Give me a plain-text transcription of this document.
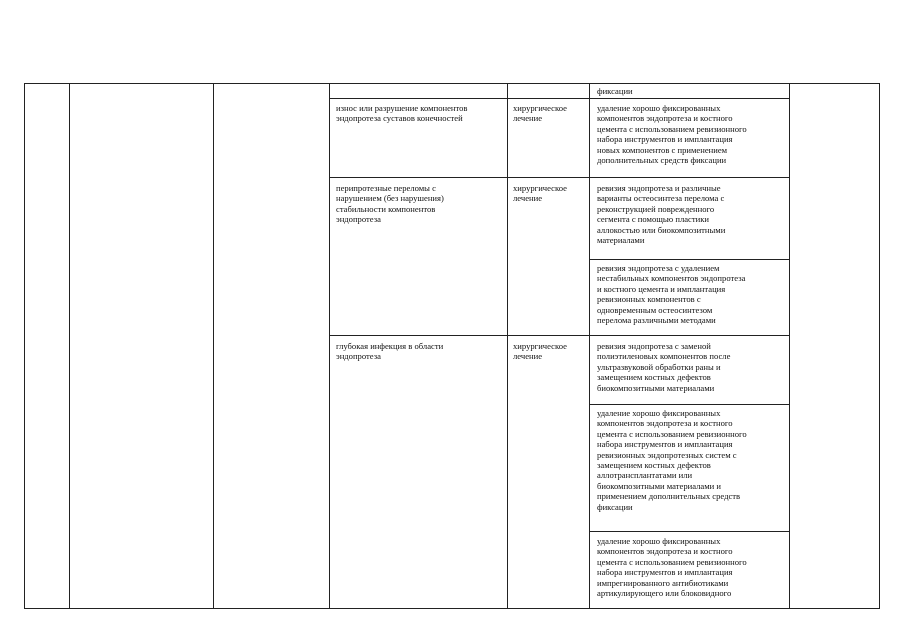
фиксации
износ или разрушение компонентов
эндопротеза суставов конечностей
хирургическое
лечение
удаление хорошо фиксированных
компонентов эндопротеза и костного
цемента с использованием ревизионного
набора инструментов и имплантация
новых компонентов с применением
дополнительных средств фиксации
перипротезные переломы с
нарушением (без нарушения)
стабильности компонентов
эндопротеза
хирургическое
лечение
ревизия эндопротеза и различные
варианты остеосинтеза перелома с
реконструкцией поврежденного
сегмента с помощью пластики
аллокостью или биокомпозитными
материалами
ревизия эндопротеза с удалением
нестабильных компонентов эндопротеза
и костного цемента и имплантация
ревизионных компонентов с
одновременным остеосинтезом
перелома различными методами
глубокая инфекция в области
эндопротеза
хирургическое
лечение
ревизия эндопротеза с заменой
полиэтиленовых компонентов после
ультразвуковой обработки раны и
замещением костных дефектов
биокомпозитными материалами
удаление хорошо фиксированных
компонентов эндопротеза и костного
цемента с использованием ревизионного
набора инструментов и имплантация
ревизионных эндопротезных систем с
замещением костных дефектов
аллотрансплантатами или
биокомпозитными материалами и
применением дополнительных средств
фиксации
удаление хорошо фиксированных
компонентов эндопротеза и костного
цемента с использованием ревизионного
набора инструментов и имплантация
импрегнированного антибиотиками
артикулирующего или блоковидного
